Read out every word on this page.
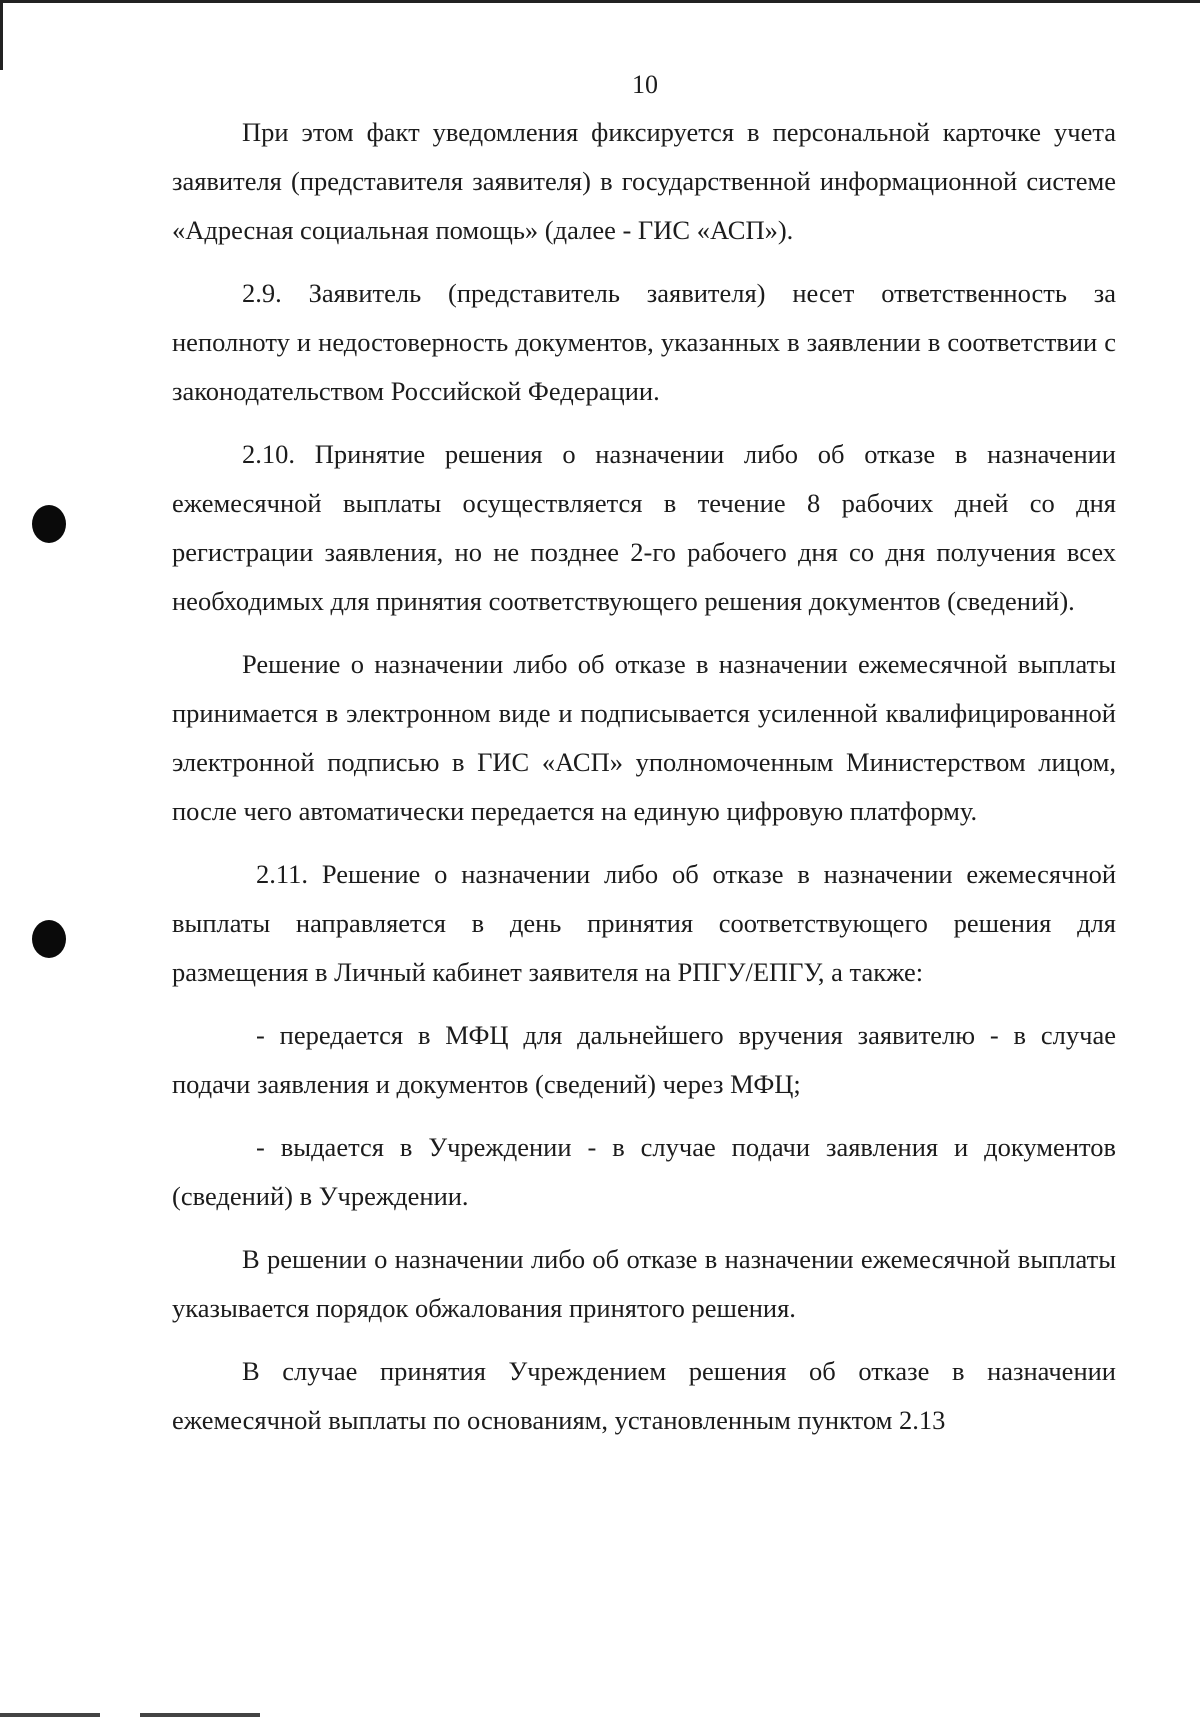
10

При этом факт уведомления фиксируется в персональной карточке учета заявителя (представителя заявителя) в государственной информационной системе «Адресная социальная помощь» (далее - ГИС «АСП»).

2.9. Заявитель (представитель заявителя) несет ответственность за неполноту и недостоверность документов, указанных в заявлении в соответствии с законодательством Российской Федерации.

2.10. Принятие решения о назначении либо об отказе в назначении ежемесячной выплаты осуществляется в течение 8 рабочих дней со дня регистрации заявления, но не позднее 2-го рабочего дня со дня получения всех необходимых для принятия соответствующего решения документов (сведений).

Решение о назначении либо об отказе в назначении ежемесячной выплаты принимается в электронном виде и подписывается усиленной квалифицированной электронной подписью в ГИС «АСП» уполномоченным Министерством лицом, после чего автоматически передается на единую цифровую платформу.

2.11. Решение о назначении либо об отказе в назначении ежемесячной выплаты направляется в день принятия соответствующего решения для размещения в Личный кабинет заявителя на РПГУ/ЕПГУ, а также:

- передается в МФЦ для дальнейшего вручения заявителю - в случае подачи заявления и документов (сведений) через МФЦ;

- выдается в Учреждении - в случае подачи заявления и документов (сведений) в Учреждении.

В решении о назначении либо об отказе в назначении ежемесячной выплаты указывается порядок обжалования принятого решения.

В случае принятия Учреждением решения об отказе в назначении ежемесячной выплаты по основаниям, установленным пунктом 2.13
